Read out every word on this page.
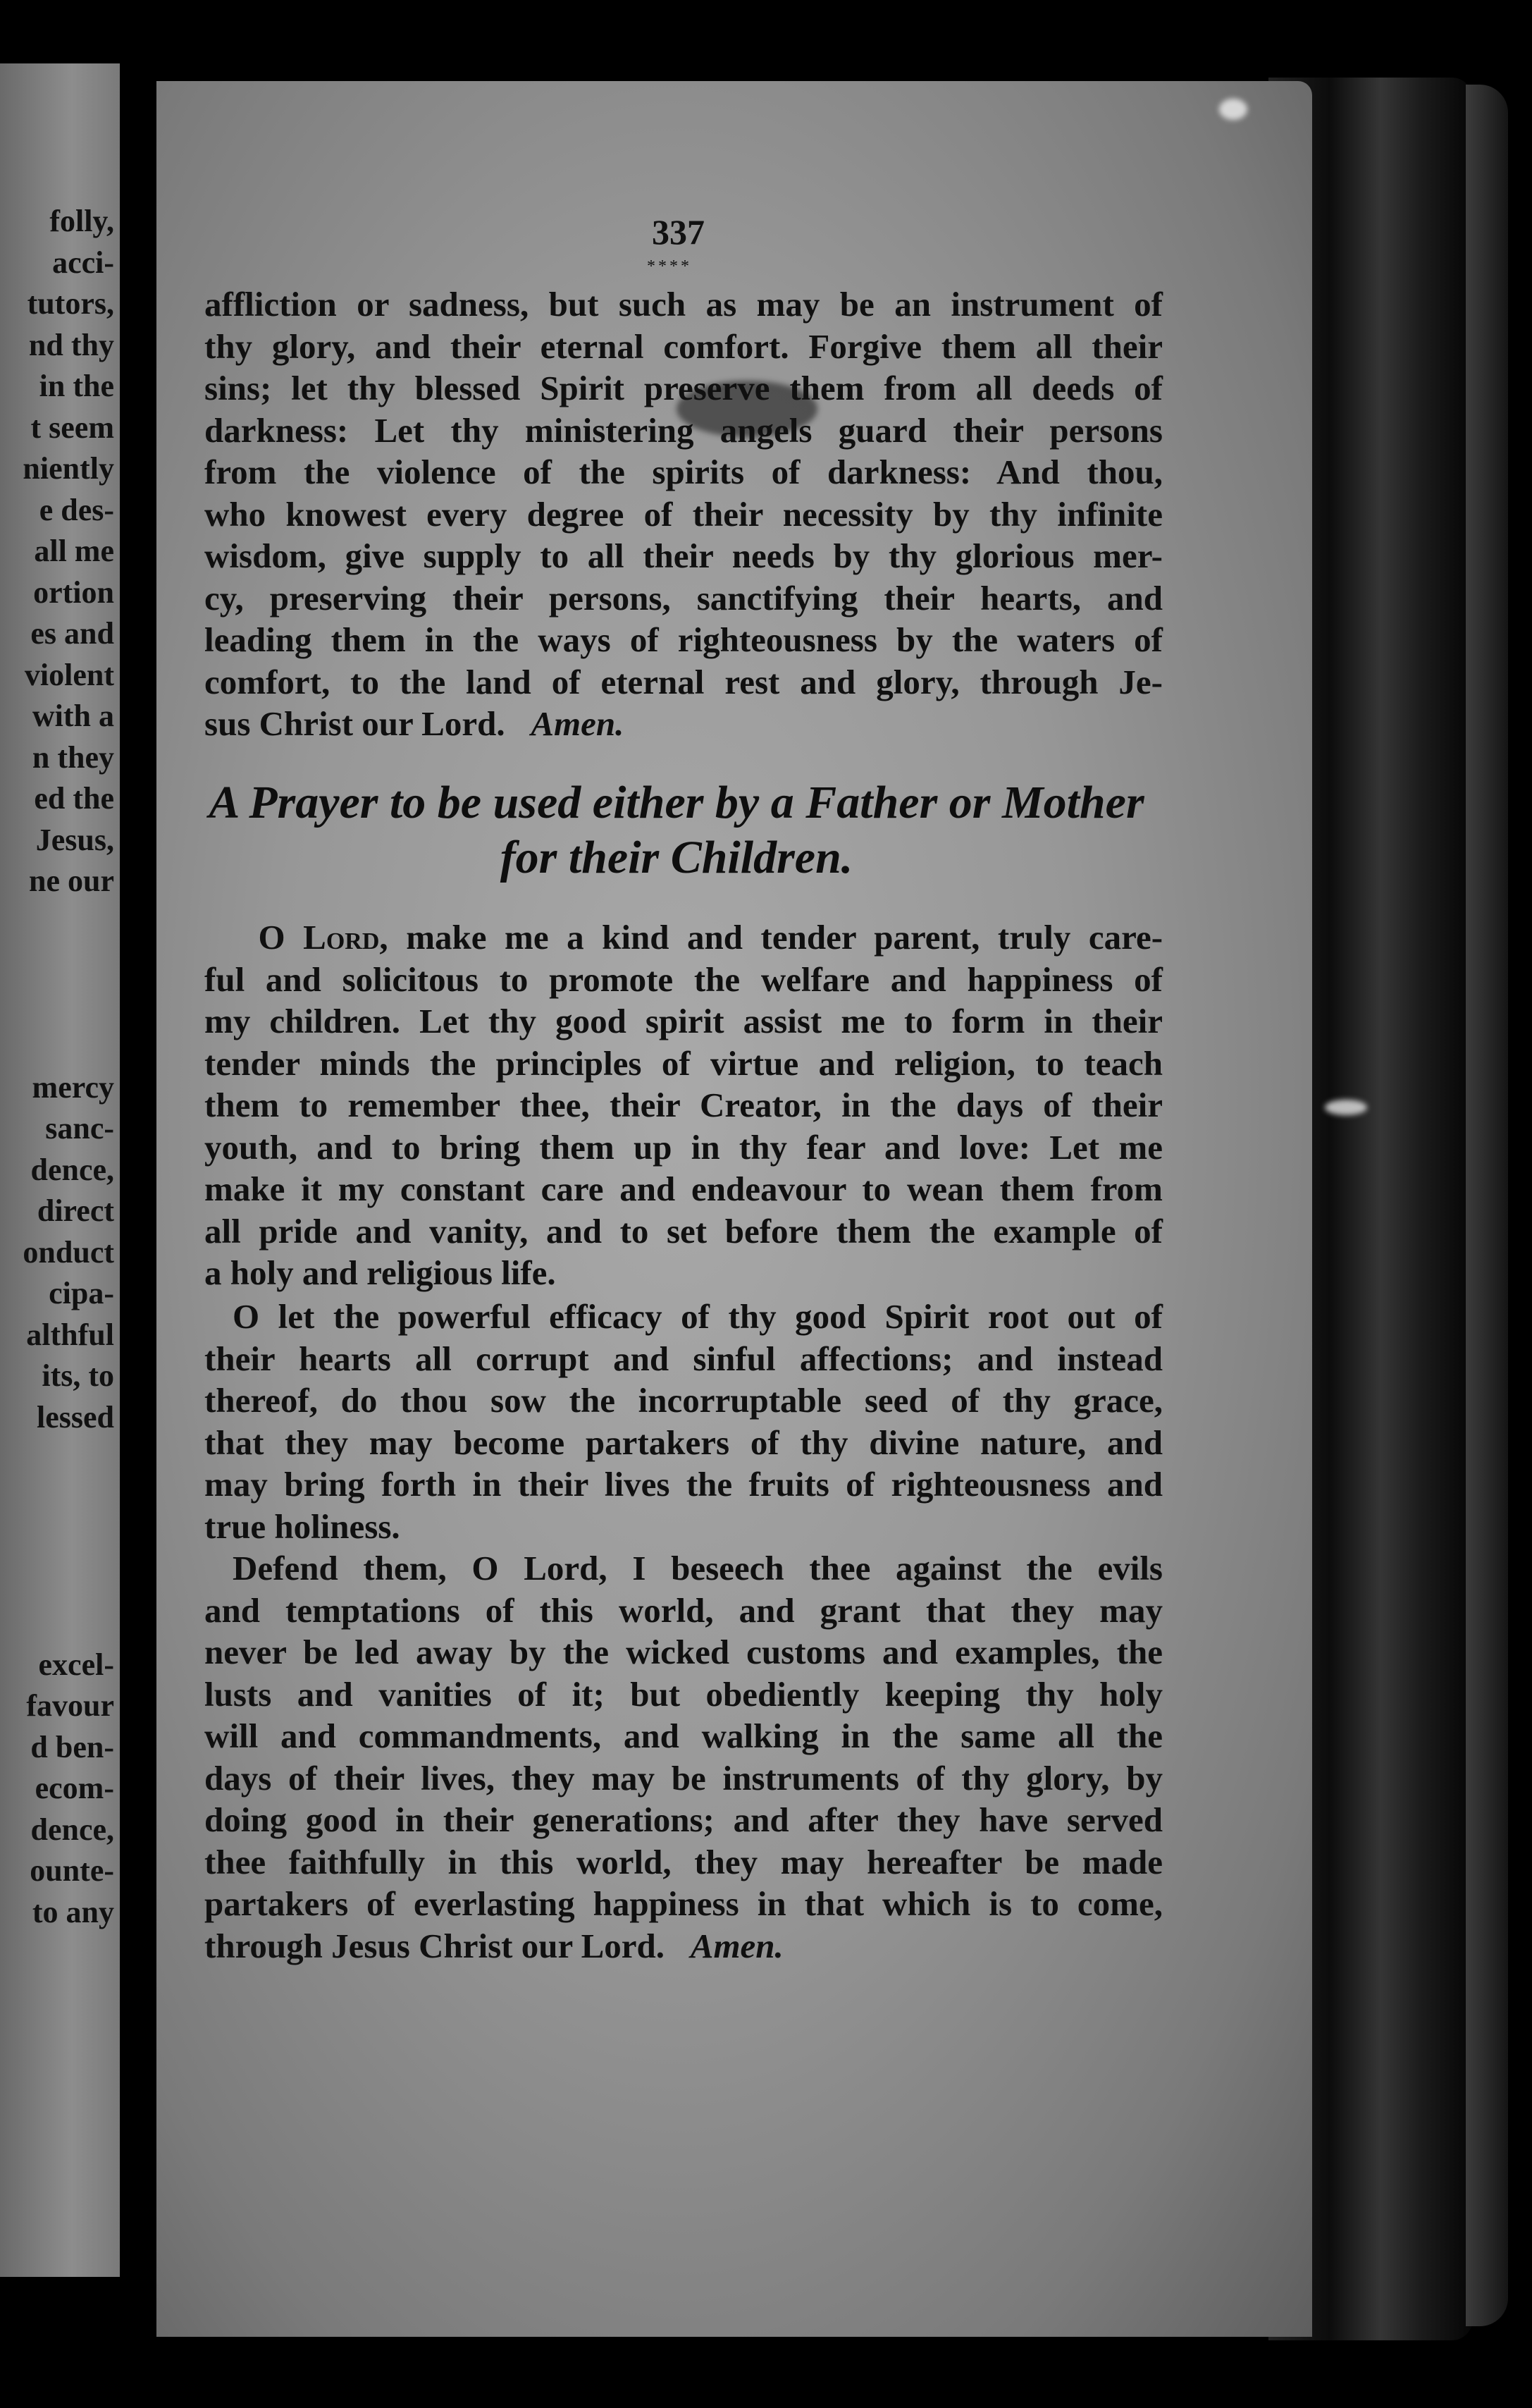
folly,
acci-
tutors,
nd thy
in the
t seem
niently
e des-
all me
ortion
es and
violent
with a
n they
ed the
Jesus,
ne our
mercy
sanc-
dence,
direct
onduct
cipa-
althful
its, to
lessed
excel-
favour
d ben-
ecom-
dence,
ounte-
to any
337
****
affliction or sadness, but such as may be an instrument of
thy glory, and their eternal comfort. Forgive them all their
sins; let thy blessed Spirit preserve them from all deeds of
darkness: Let thy ministering angels guard their persons
from the violence of the spirits of darkness: And thou,
who knowest every degree of their necessity by thy infinite
wisdom, give supply to all their needs by thy glorious mer-
cy, preserving their persons, sanctifying their hearts, and
leading them in the ways of righteousness by the waters of
comfort, to the land of eternal rest and glory, through Je-
sus Christ our Lord. Amen.
A Prayer to be used either by a Father or Mother
for their Children.
O Lord, make me a kind and tender parent, truly care-
ful and solicitous to promote the welfare and happiness of
my children. Let thy good spirit assist me to form in their
tender minds the principles of virtue and religion, to teach
them to remember thee, their Creator, in the days of their
youth, and to bring them up in thy fear and love: Let me
make it my constant care and endeavour to wean them from
all pride and vanity, and to set before them the example of
a holy and religious life.
O let the powerful efficacy of thy good Spirit root out of
their hearts all corrupt and sinful affections; and instead
thereof, do thou sow the incorruptable seed of thy grace,
that they may become partakers of thy divine nature, and
may bring forth in their lives the fruits of righteousness and
true holiness.
Defend them, O Lord, I beseech thee against the evils
and temptations of this world, and grant that they may
never be led away by the wicked customs and examples, the
lusts and vanities of it; but obediently keeping thy holy
will and commandments, and walking in the same all the
days of their lives, they may be instruments of thy glory, by
doing good in their generations; and after they have served
thee faithfully in this world, they may hereafter be made
partakers of everlasting happiness in that which is to come,
through Jesus Christ our Lord. Amen.
